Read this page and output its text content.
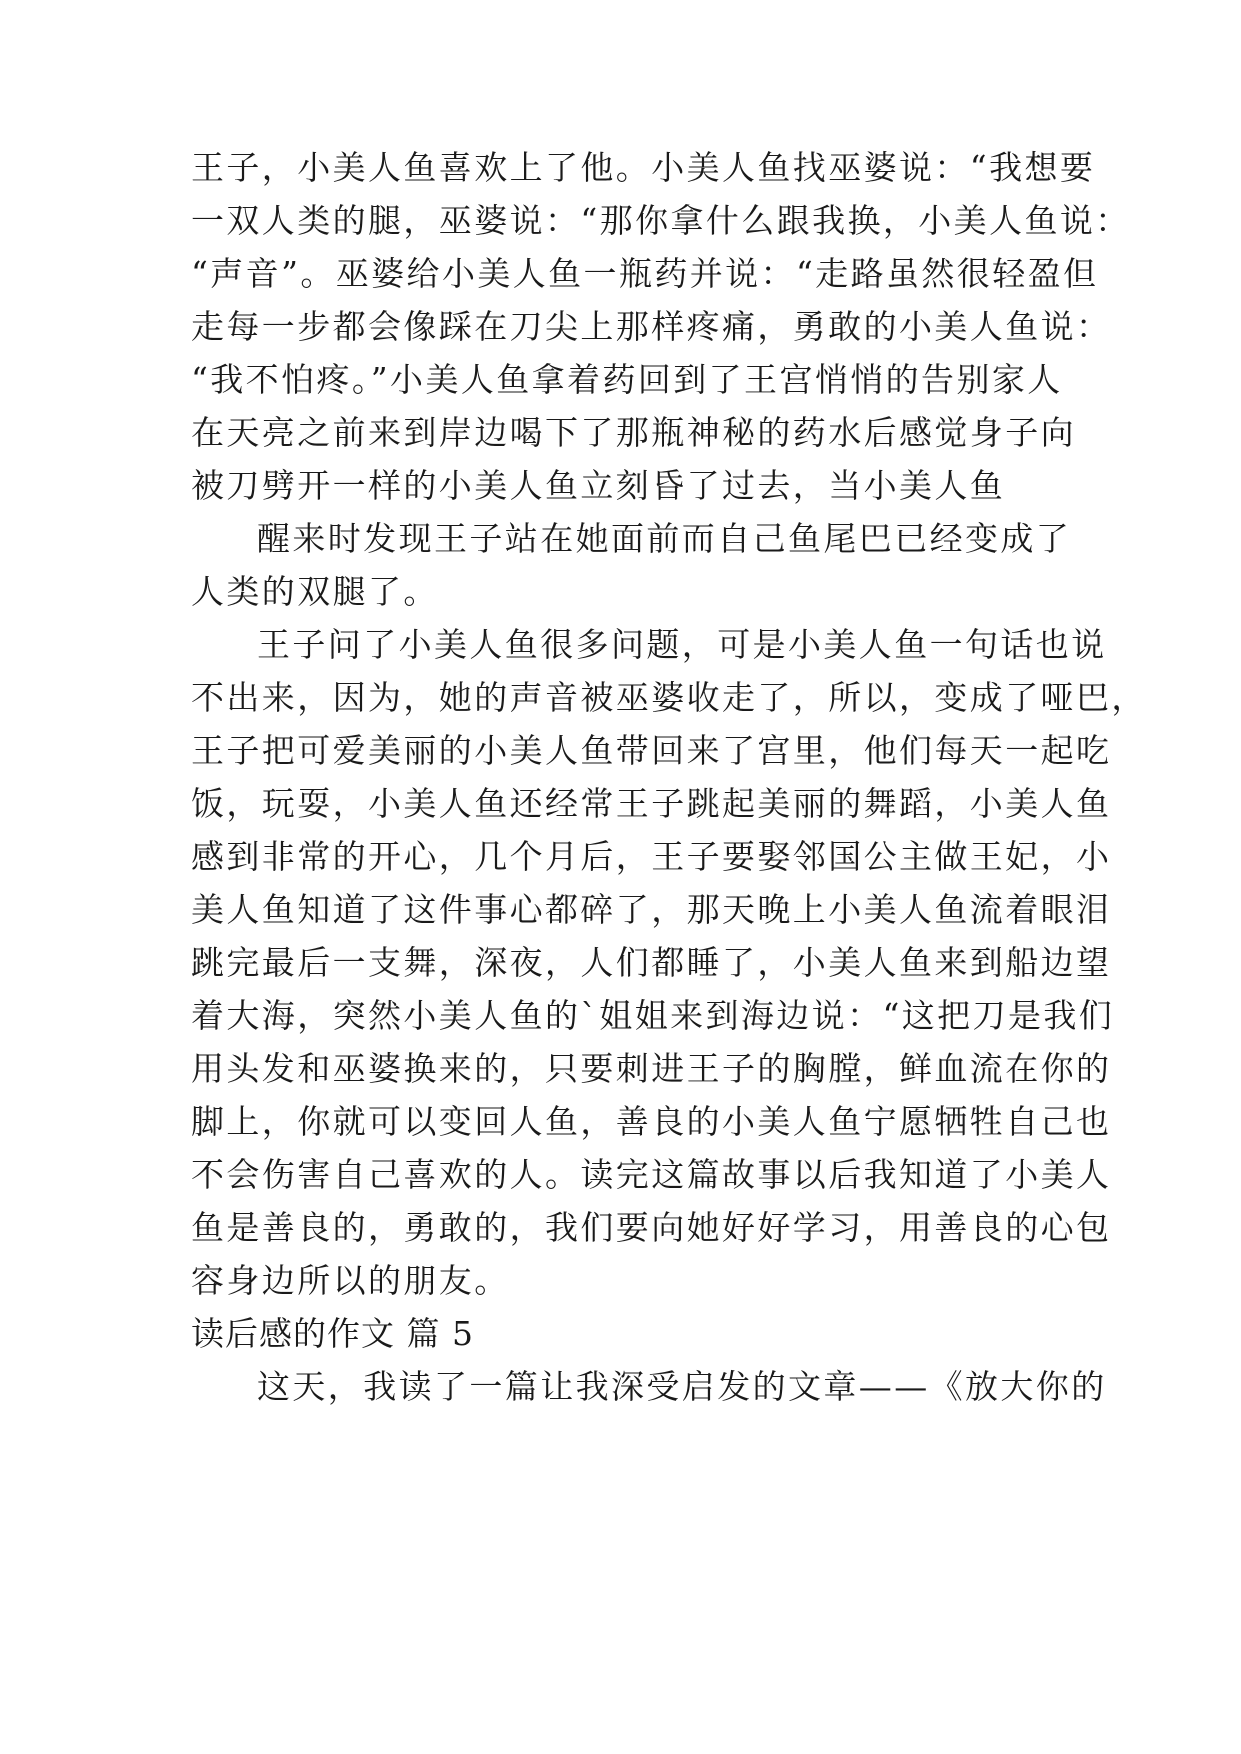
王子，小美人鱼喜欢上了他。小美人鱼找巫婆说：“我想要
一双人类的腿，巫婆说：“那你拿什么跟我换，小美人鱼说：
“声音”。巫婆给小美人鱼一瓶药并说：“走路虽然很轻盈但
走每一步都会像踩在刀尖上那样疼痛，勇敢的小美人鱼说：
“我不怕疼。”小美人鱼拿着药回到了王宫悄悄的告别家人
在天亮之前来到岸边喝下了那瓶神秘的药水后感觉身子向
被刀劈开一样的小美人鱼立刻昏了过去，当小美人鱼
醒来时发现王子站在她面前而自己鱼尾巴已经变成了
人类的双腿了。
王子问了小美人鱼很多问题，可是小美人鱼一句话也说
不出来，因为，她的声音被巫婆收走了，所以，变成了哑巴，
王子把可爱美丽的小美人鱼带回来了宫里，他们每天一起吃
饭，玩耍，小美人鱼还经常王子跳起美丽的舞蹈，小美人鱼
感到非常的开心，几个月后，王子要娶邻国公主做王妃，小
美人鱼知道了这件事心都碎了，那天晚上小美人鱼流着眼泪
跳完最后一支舞，深夜，人们都睡了，小美人鱼来到船边望
着大海，突然小美人鱼的`姐姐来到海边说：“这把刀是我们
用头发和巫婆换来的，只要刺进王子的胸膛，鲜血流在你的
脚上，你就可以变回人鱼，善良的小美人鱼宁愿牺牲自己也
不会伤害自己喜欢的人。读完这篇故事以后我知道了小美人
鱼是善良的，勇敢的，我们要向她好好学习，用善良的心包
容身边所以的朋友。
读后感的作文 篇 5
这天，我读了一篇让我深受启发的文章——《放大你的
